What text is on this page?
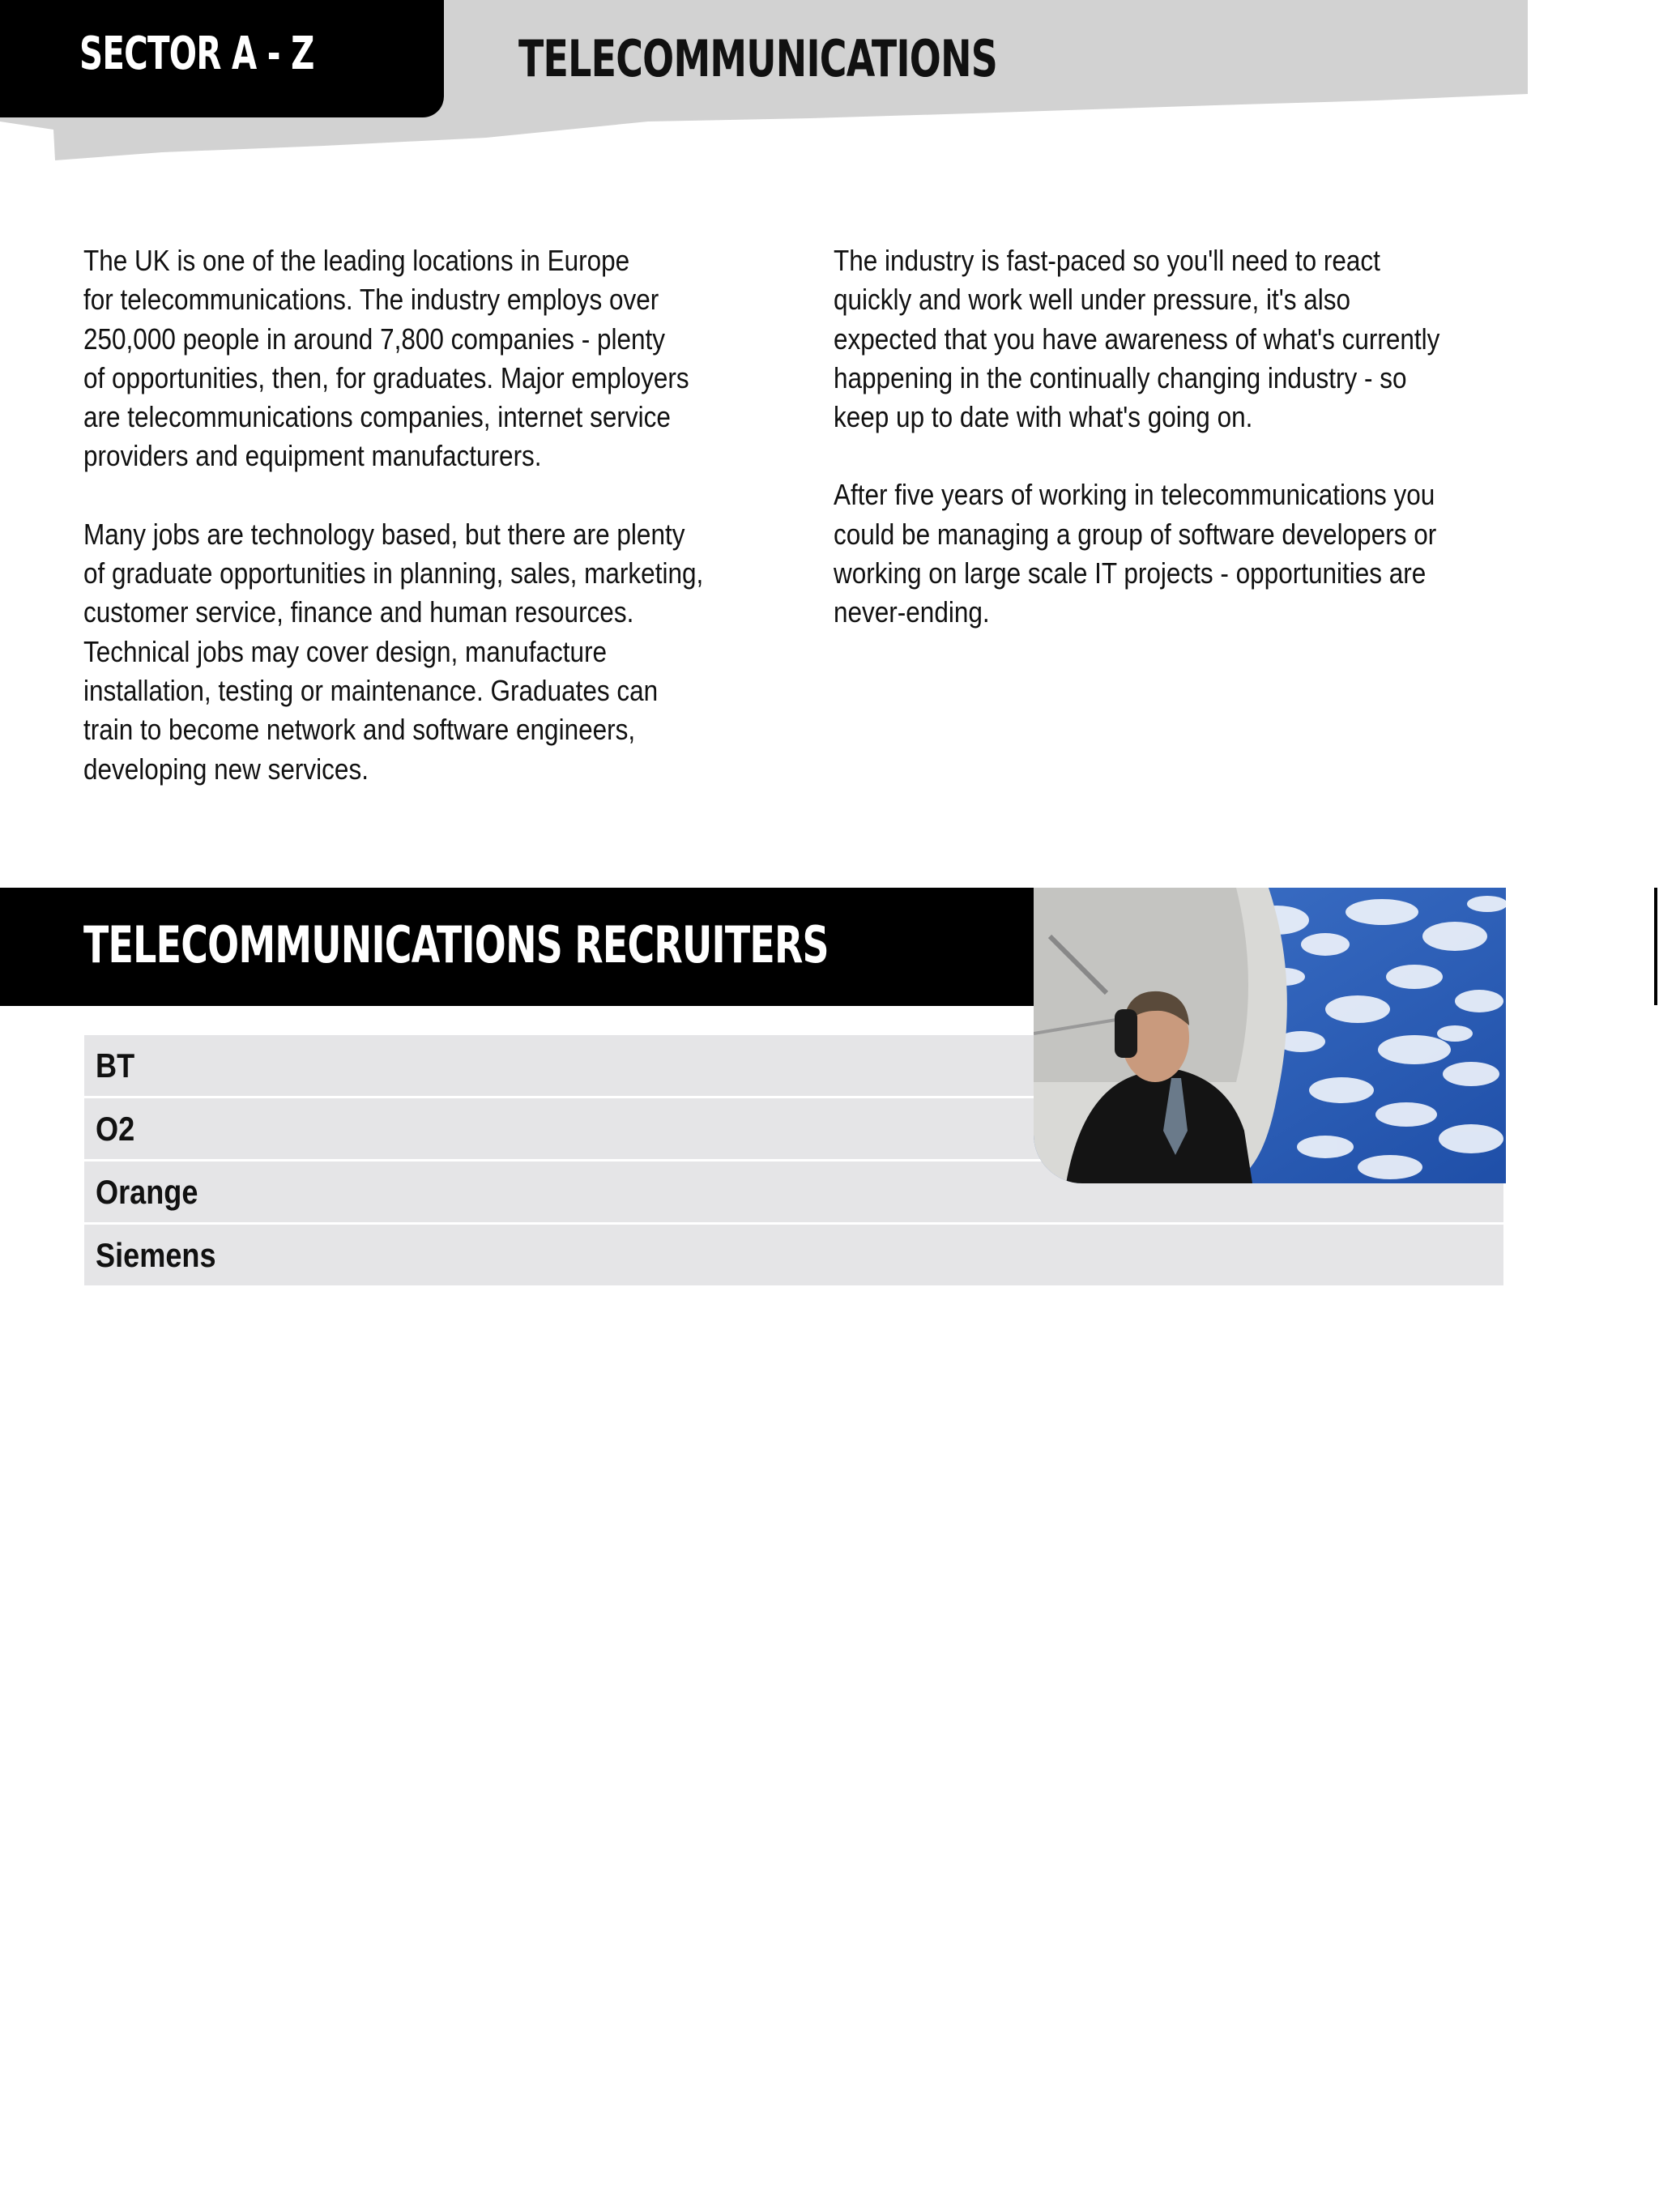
SECTOR A - Z	TELECOMMUNICATIONS

The UK is one of the leading locations in Europe
for telecommunications. The industry employs over
250,000 people in around 7,800 companies - plenty
of opportunities, then, for graduates. Major employers
are telecommunications companies, internet service
providers and equipment manufacturers.

Many jobs are technology based, but there are plenty
of graduate opportunities in planning, sales, marketing,
customer service, finance and human resources.
Technical jobs may cover design, manufacture
installation, testing or maintenance. Graduates can
train to become network and software engineers,
developing new services.

The industry is fast-paced so you'll need to react
quickly and work well under pressure, it's also
expected that you have awareness of what's currently
happening in the continually changing industry - so
keep up to date with what's going on.

After five years of working in telecommunications you
could be managing a group of software developers or
working on large scale IT projects - opportunities are
never-ending.

TELECOMMUNICATIONS RECRUITERS
BT
O2
Orange
Siemens
